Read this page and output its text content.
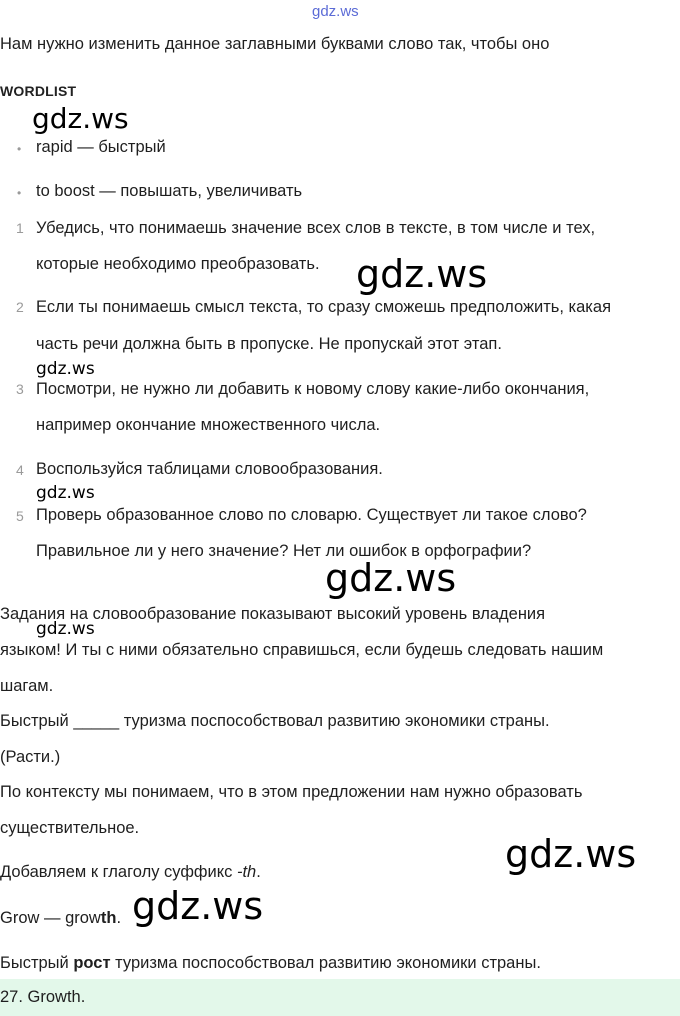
gdz.ws
Нам нужно изменить данное заглавными буквами слово так, чтобы оно
WORDLIST
• rapid — быстрый
• to boost — повышать, увеличивать
1 Убедись, что понимаешь значение всех слов в тексте, в том числе и тех,
которые необходимо преобразовать.
2 Если ты понимаешь смысл текста, то сразу сможешь предположить, какая
часть речи должна быть в пропуске. Не пропускай этот этап.
3 Посмотри, не нужно ли добавить к новому слову какие-либо окончания,
например окончание множественного числа.
4 Воспользуйся таблицами словообразования.
5 Проверь образованное слово по словарю. Существует ли такое слово?
Правильное ли у него значение? Нет ли ошибок в орфографии?
Задания на словообразование показывают высокий уровень владения
языком! И ты с ними обязательно справишься, если будешь следовать нашим
шагам.
Быстрый _____ туризма поспособствовал развитию экономики страны.
(Расти.)
По контексту мы понимаем, что в этом предложении нам нужно образовать
существительное.
Добавляем к глаголу суффикс -th.
Grow — growth.
Быстрый рост туризма поспособствовал развитию экономики страны.
27. Growth.
gdz.ws
gdz.ws
gdz.ws
gdz.ws
gdz.ws
gdz.ws
gdz.ws
gdz.ws
